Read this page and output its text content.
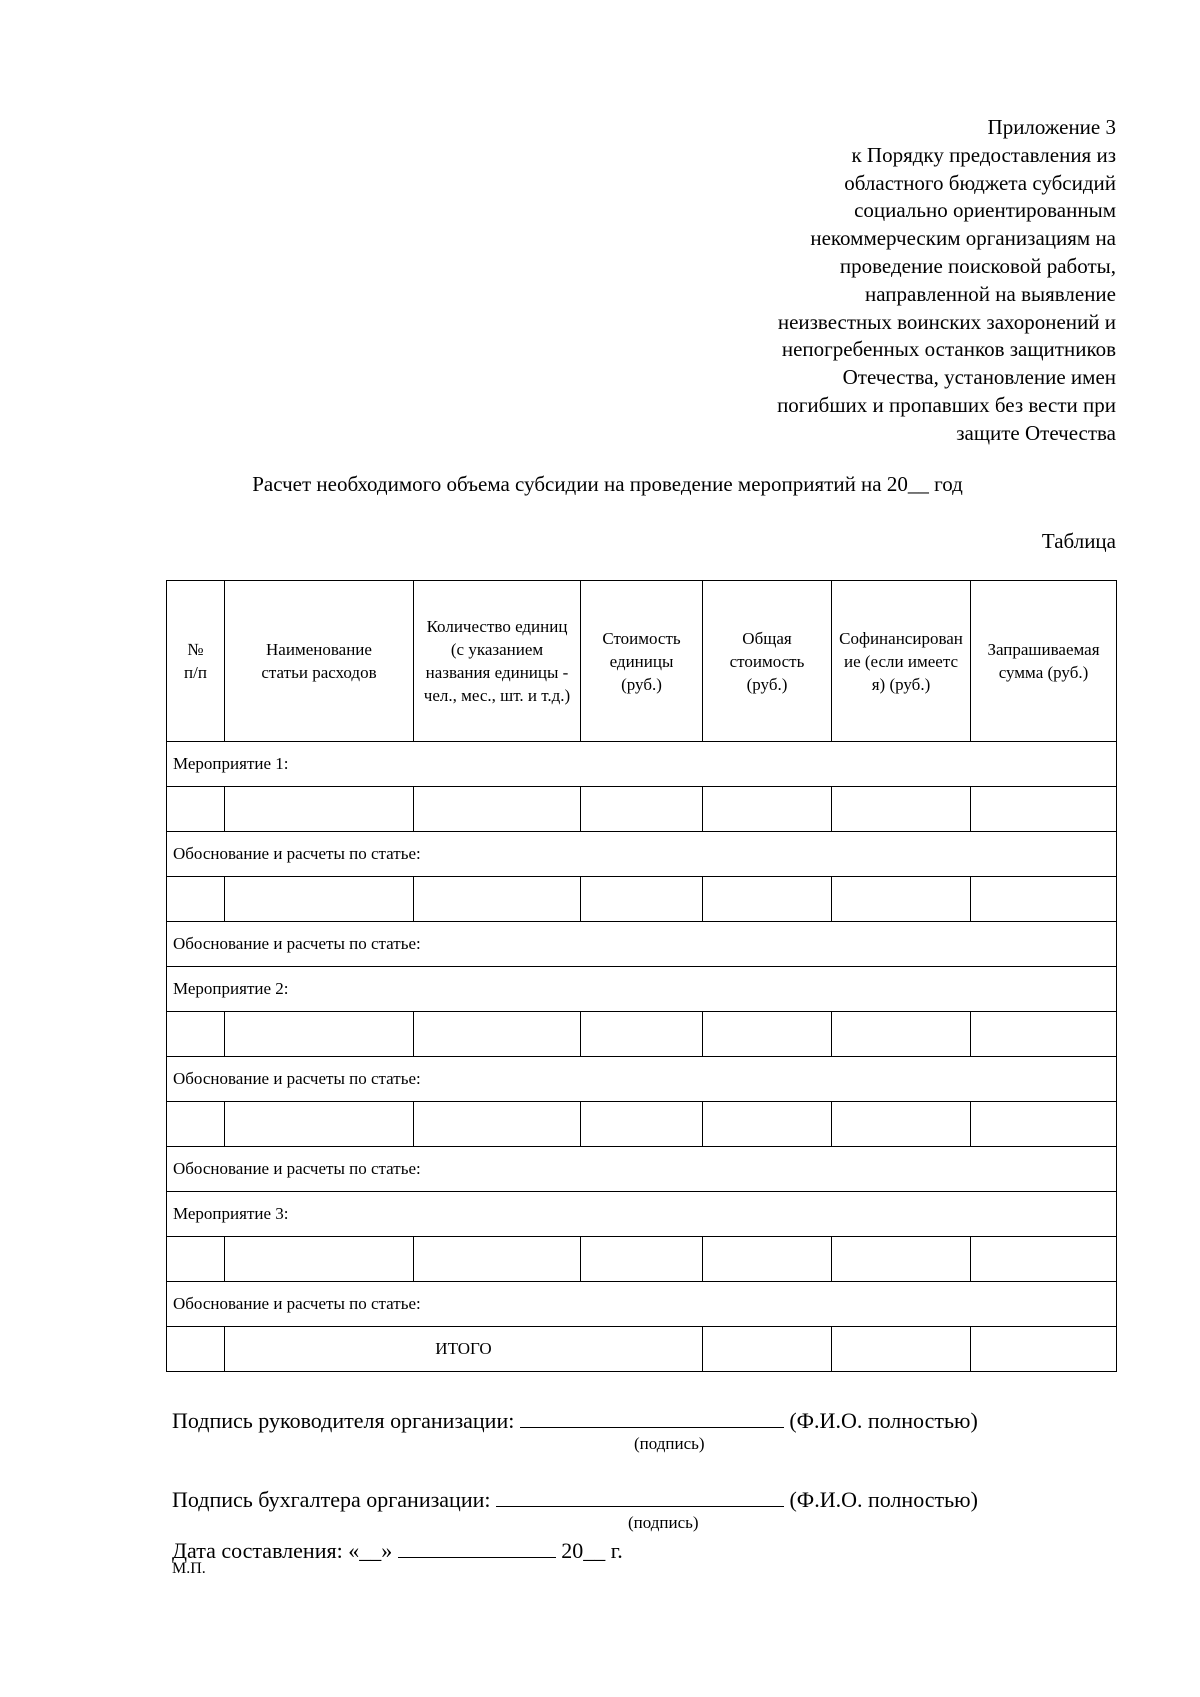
Приложение 3
к Порядку предоставления из
областного бюджета субсидий
социально ориентированным
некоммерческим организациям на
проведение поисковой работы,
направленной на выявление
неизвестных воинских захоронений и
непогребенных останков защитников
Отечества, установление имен
погибших и пропавших без вести при
защите Отечества
Расчет необходимого объема субсидии на проведение мероприятий на 20__ год
Таблица
№ п/п	Наименование статьи расходов	Количество единиц (с указанием названия единицы - чел., мес., шт. и т.д.)	Стоимость единицы (руб.)	Общая стоимость (руб.)	Софинансирование (если имеется) (руб.)	Запрашиваемая сумма (руб.)
Мероприятие 1:						

Обоснование и расчеты по статье:						

Обоснование и расчеты по статье:						
Мероприятие 2:						

Обоснование и расчеты по статье:						

Обоснование и расчеты по статье:						
Мероприятие 3:						

Обоснование и расчеты по статье:						
	ИТОГО					
Подпись руководителя организации:	(Ф.И.О. полностью)
(подпись)
Подпись бухгалтера организации:	(Ф.И.О. полностью)
(подпись)
Дата составления: «__»	20__ г.
М.П.
